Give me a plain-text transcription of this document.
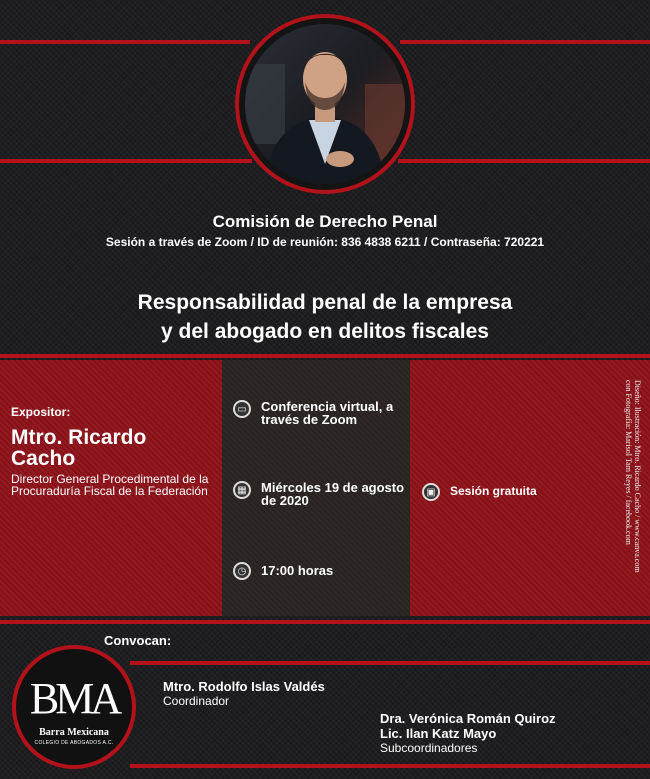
Comisión de Derecho Penal
Sesión a través de Zoom / ID de reunión: 836 4838 6211 / Contraseña: 720221
Responsabilidad penal de la empresa
y del abogado en delitos fiscales
Expositor:
Mtro. Ricardo Cacho
Director General Procedimental de la Procuraduría Fiscal de la Federación
▭	Conferencia virtual, a través de Zoom
▦	Miércoles 19 de agosto de 2020
◷	17:00 horas
▣	Sesión gratuita	Diseño: Ilustración: Mtro. Ricardo Cacho / www.canva.com
con Fotografía: Marisol Tam Reyes / facebook.com
Convocan:
BMA
Barra Mexicana
COLEGIO DE ABOGADOS A.C.
Mtro. Rodolfo Islas Valdés
Coordinador
Dra. Verónica Román Quiroz
Lic. Ilan Katz Mayo
Subcoordinadores
